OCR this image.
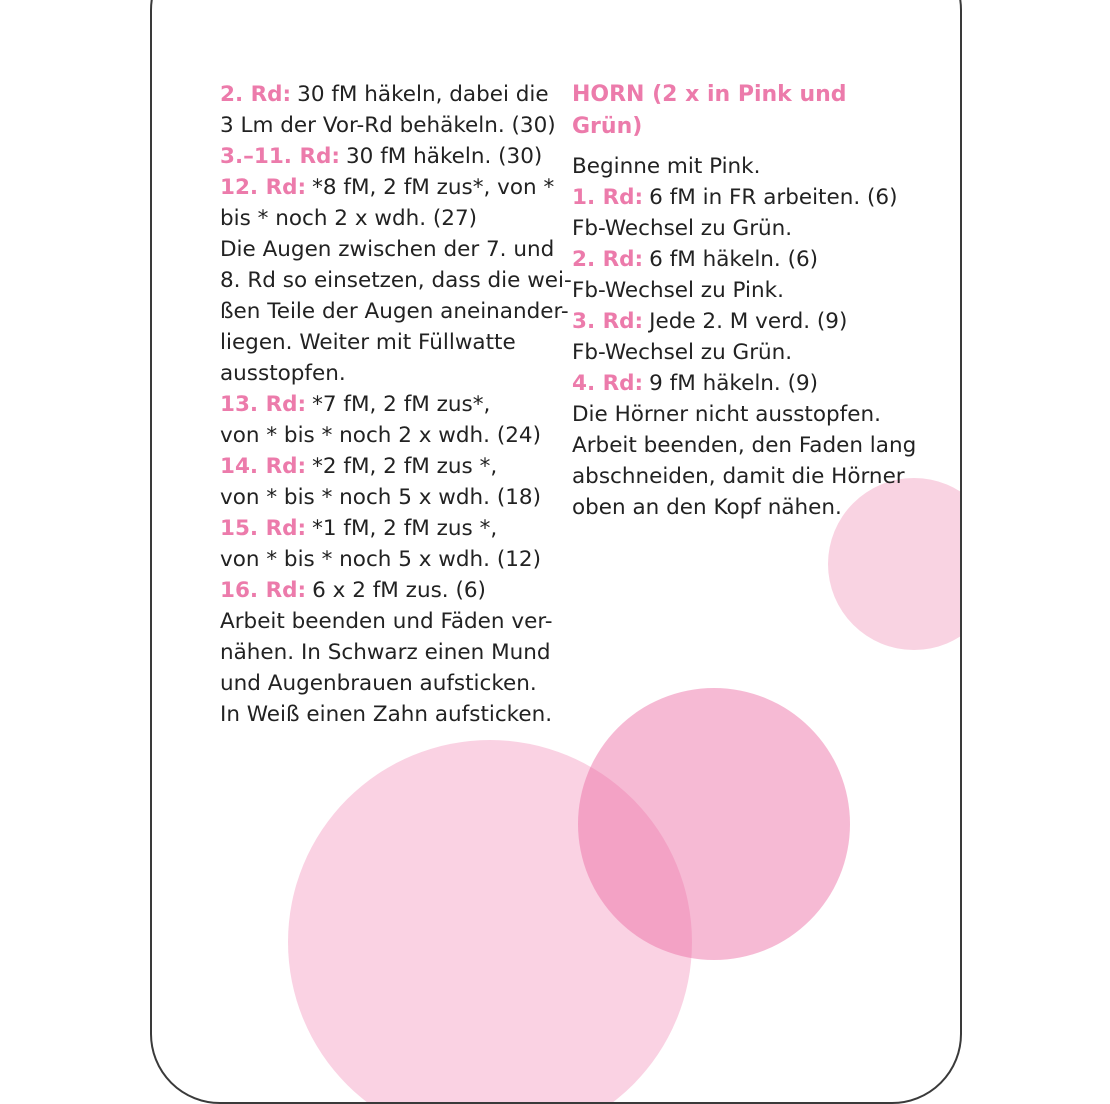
2. Rd: 30 fM häkeln, dabei die
3 Lm der Vor-Rd behäkeln. (30)
3.–11. Rd: 30 fM häkeln. (30)
12. Rd: *8 fM, 2 fM zus*, von *
bis * noch 2 x wdh. (27)
Die Augen zwischen der 7. und
8. Rd so einsetzen, dass die wei-
ßen Teile der Augen aneinander-
liegen. Weiter mit Füllwatte
ausstopfen.
13. Rd: *7 fM, 2 fM zus*,
von * bis * noch 2 x wdh. (24)
14. Rd: *2 fM, 2 fM zus *,
von * bis * noch 5 x wdh. (18)
15. Rd: *1 fM, 2 fM zus *,
von * bis * noch 5 x wdh. (12)
16. Rd: 6 x 2 fM zus. (6)
Arbeit beenden und Fäden ver-
nähen. In Schwarz einen Mund
und Augenbrauen aufsticken.
In Weiß einen Zahn aufsticken.
HORN (2 x in Pink und
Grün)
Beginne mit Pink.
1. Rd: 6 fM in FR arbeiten. (6)
Fb-Wechsel zu Grün.
2. Rd: 6 fM häkeln. (6)
Fb-Wechsel zu Pink.
3. Rd: Jede 2. M verd. (9)
Fb-Wechsel zu Grün.
4. Rd: 9 fM häkeln. (9)
Die Hörner nicht ausstopfen.
Arbeit beenden, den Faden lang
abschneiden, damit die Hörner
oben an den Kopf nähen.
